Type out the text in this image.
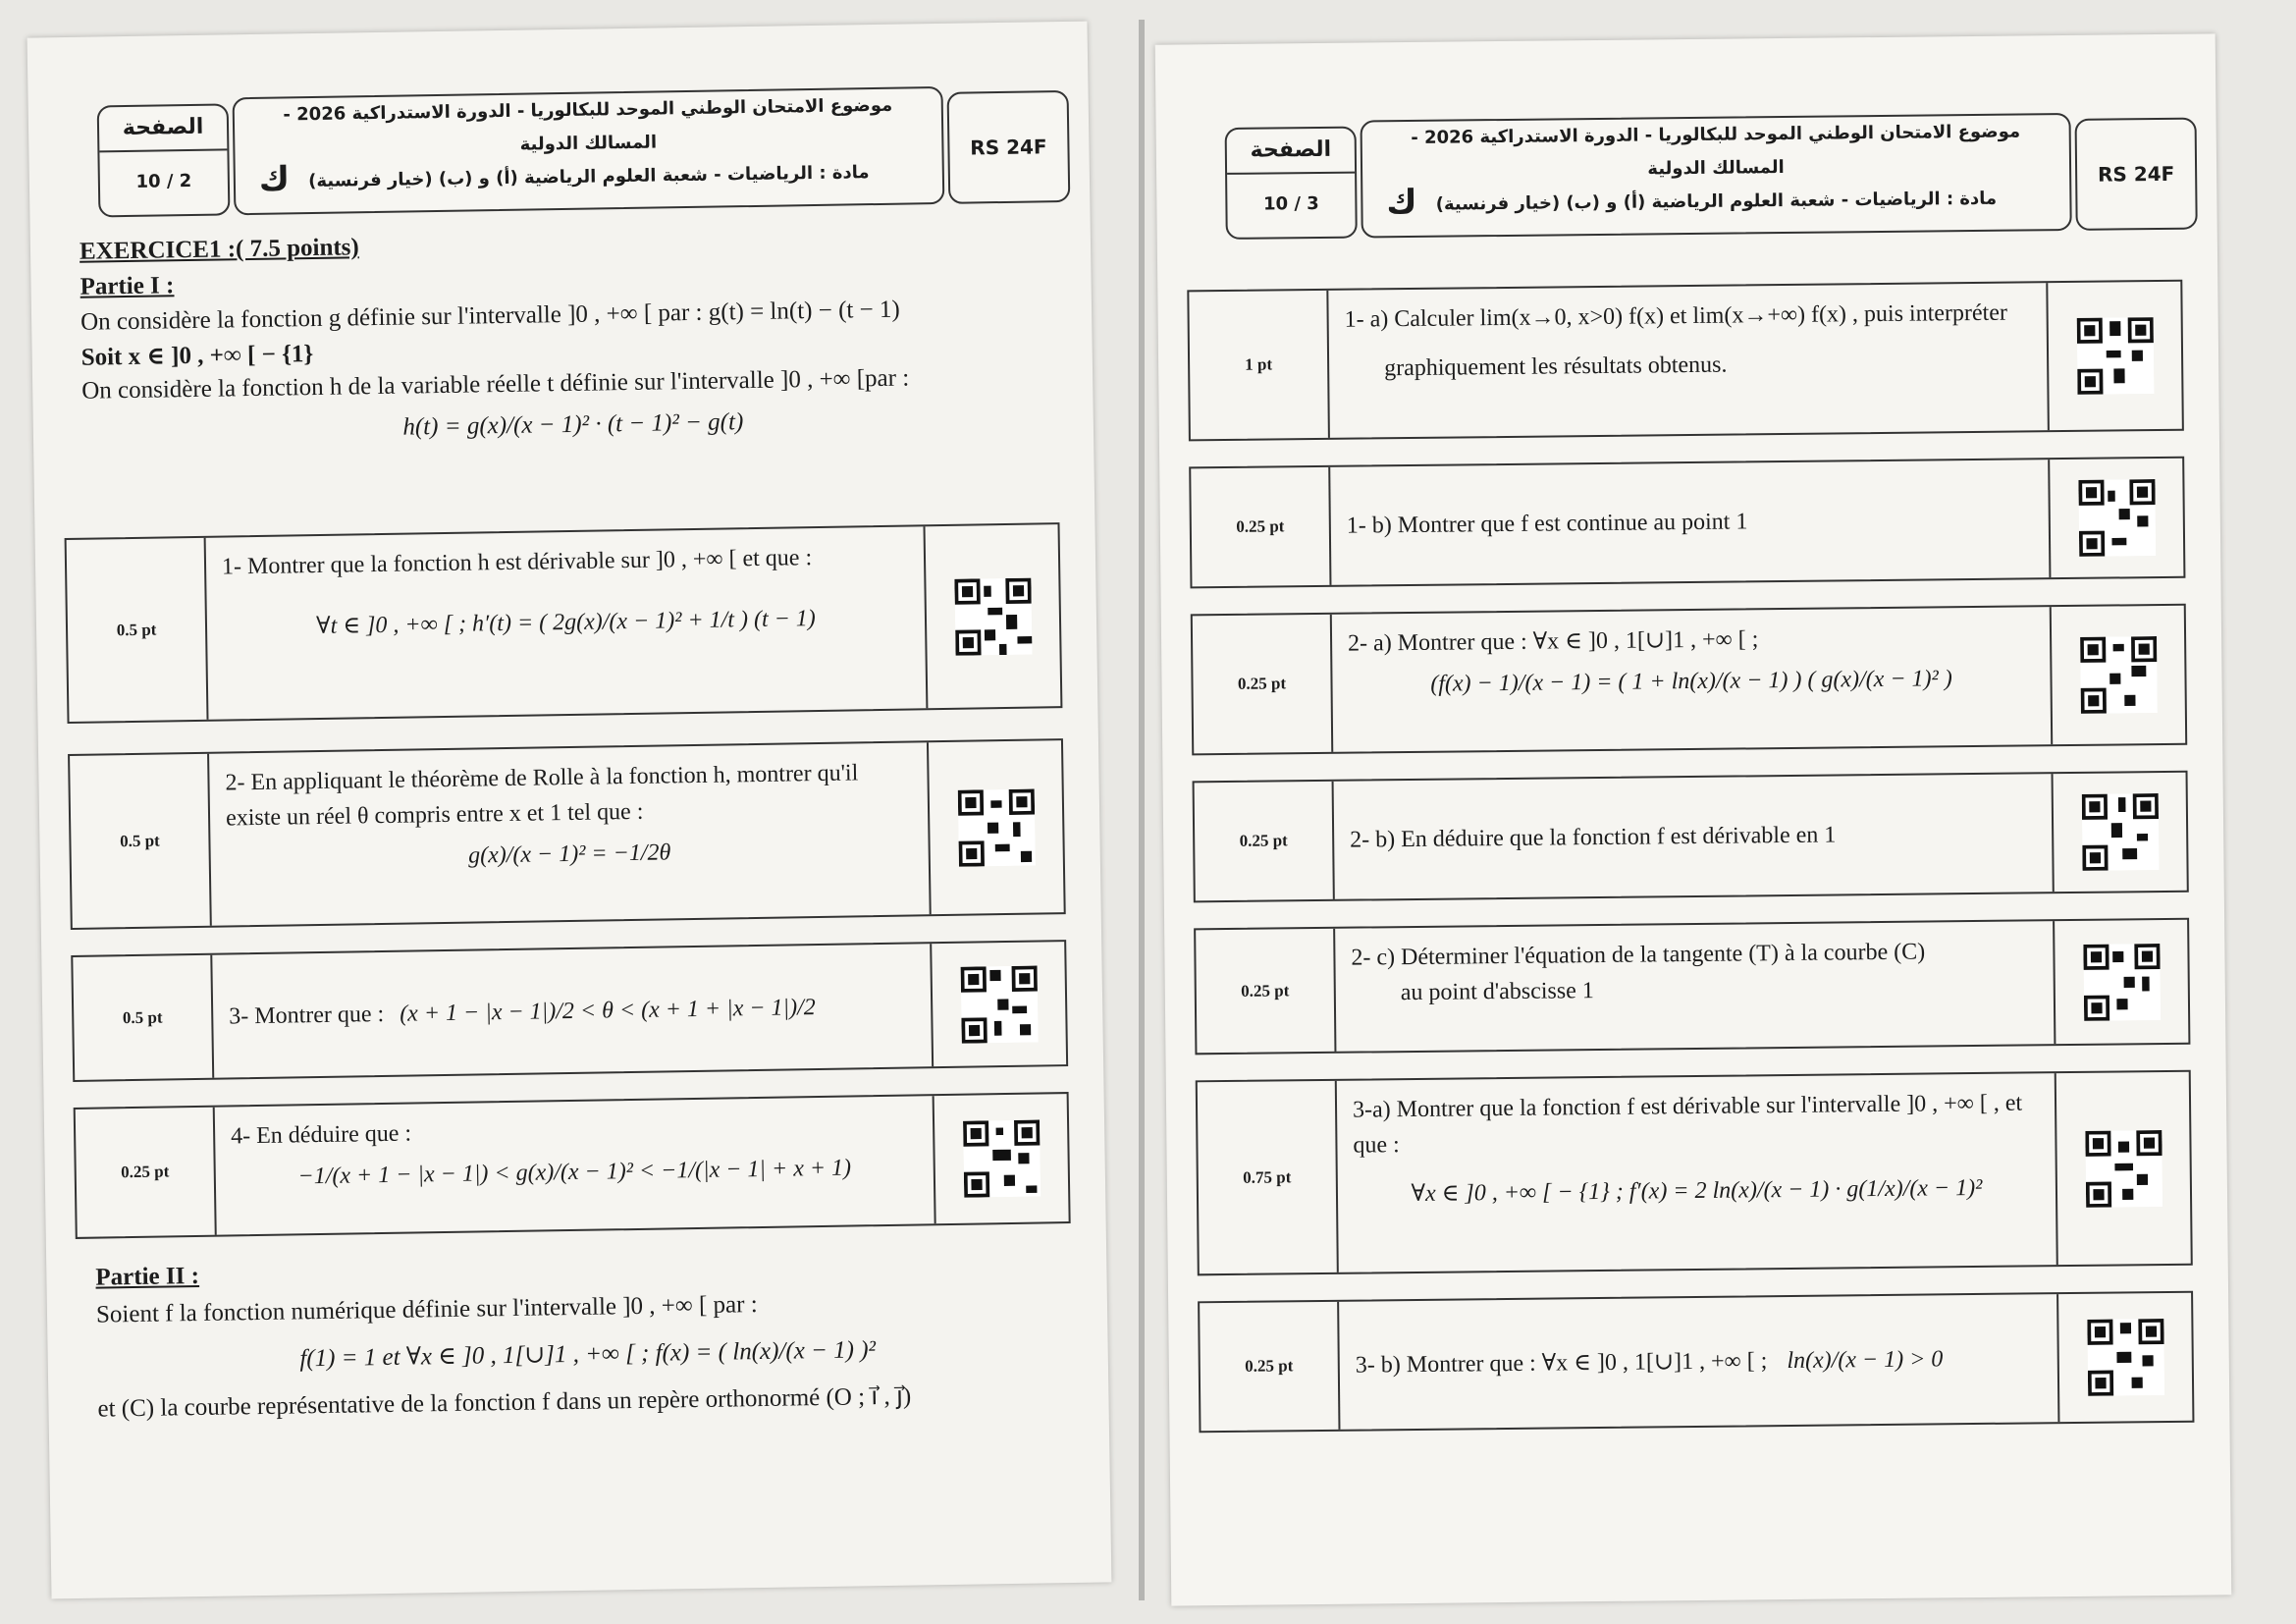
الصفحة
10 / 2
موضوع الامتحان الوطني الموحد للبكالوريا - الدورة الاستدراكية 2026 -
المسالك الدولية
مادة : الرياضيات - شعبة العلوم الرياضية (أ) و (ب) (خيار فرنسية)
ﻙ
RS 24F
EXERCICE1 :( 7.5 points)
Partie I :
On considère la fonction g définie sur l'intervalle ]0 , +∞ [ par : g(t) = ln(t) − (t − 1)
Soit x ∈ ]0 , +∞ [ − {1}
On considère la fonction h de la variable réelle t définie sur l'intervalle ]0 , +∞ [par :
h(t) = g(x)/(x − 1)² · (t − 1)² − g(t)
0.5 pt
1- Montrer que la fonction h est dérivable sur ]0 , +∞ [ et que :
∀t ∈ ]0 , +∞ [ ; h′(t) = ( 2g(x)/(x − 1)² + 1/t ) (t − 1)
0.5 pt
2- En appliquant le théorème de Rolle à la fonction h, montrer qu'il existe un réel θ compris entre x et 1 tel que :
g(x)/(x − 1)² = −1/2θ
0.5 pt	3- Montrer que : (x + 1 − |x − 1|)/2 < θ < (x + 1 + |x − 1|)/2
0.25 pt
4- En déduire que :
−1/(x + 1 − |x − 1|) < g(x)/(x − 1)² < −1/(|x − 1| + x + 1)
Partie II :
Soient f la fonction numérique définie sur l'intervalle ]0 , +∞ [ par :
f(1) = 1 et ∀x ∈ ]0 , 1[∪]1 , +∞ [ ; f(x) = ( ln(x)/(x − 1) )²
et (C) la courbe représentative de la fonction f dans un repère orthonormé (O ; i⃗ , j⃗)
الصفحة
10 / 3
موضوع الامتحان الوطني الموحد للبكالوريا - الدورة الاستدراكية 2026 -
المسالك الدولية
مادة : الرياضيات - شعبة العلوم الرياضية (أ) و (ب) (خيار فرنسية)
ﻙ
RS 24F
1 pt
1- a) Calculer lim(x→0, x>0) f(x) et lim(x→+∞) f(x) , puis interpréter
graphiquement les résultats obtenus.
0.25 pt	1- b) Montrer que f est continue au point 1
0.25 pt
2- a) Montrer que : ∀x ∈ ]0 , 1[∪]1 , +∞ [ ;
(f(x) − 1)/(x − 1) = ( 1 + ln(x)/(x − 1) ) ( g(x)/(x − 1)² )
0.25 pt	2- b) En déduire que la fonction f est dérivable en 1
0.25 pt
2- c) Déterminer l'équation de la tangente (T) à la courbe (C)
au point d'abscisse 1
0.75 pt
3-a) Montrer que la fonction f est dérivable sur l'intervalle ]0 , +∞ [ , et que :
∀x ∈ ]0 , +∞ [ − {1} ; f′(x) = 2 ln(x)/(x − 1) · g(1/x)/(x − 1)²
0.25 pt	3- b) Montrer que : ∀x ∈ ]0 , 1[∪]1 , +∞ [ ; ln(x)/(x − 1) > 0
